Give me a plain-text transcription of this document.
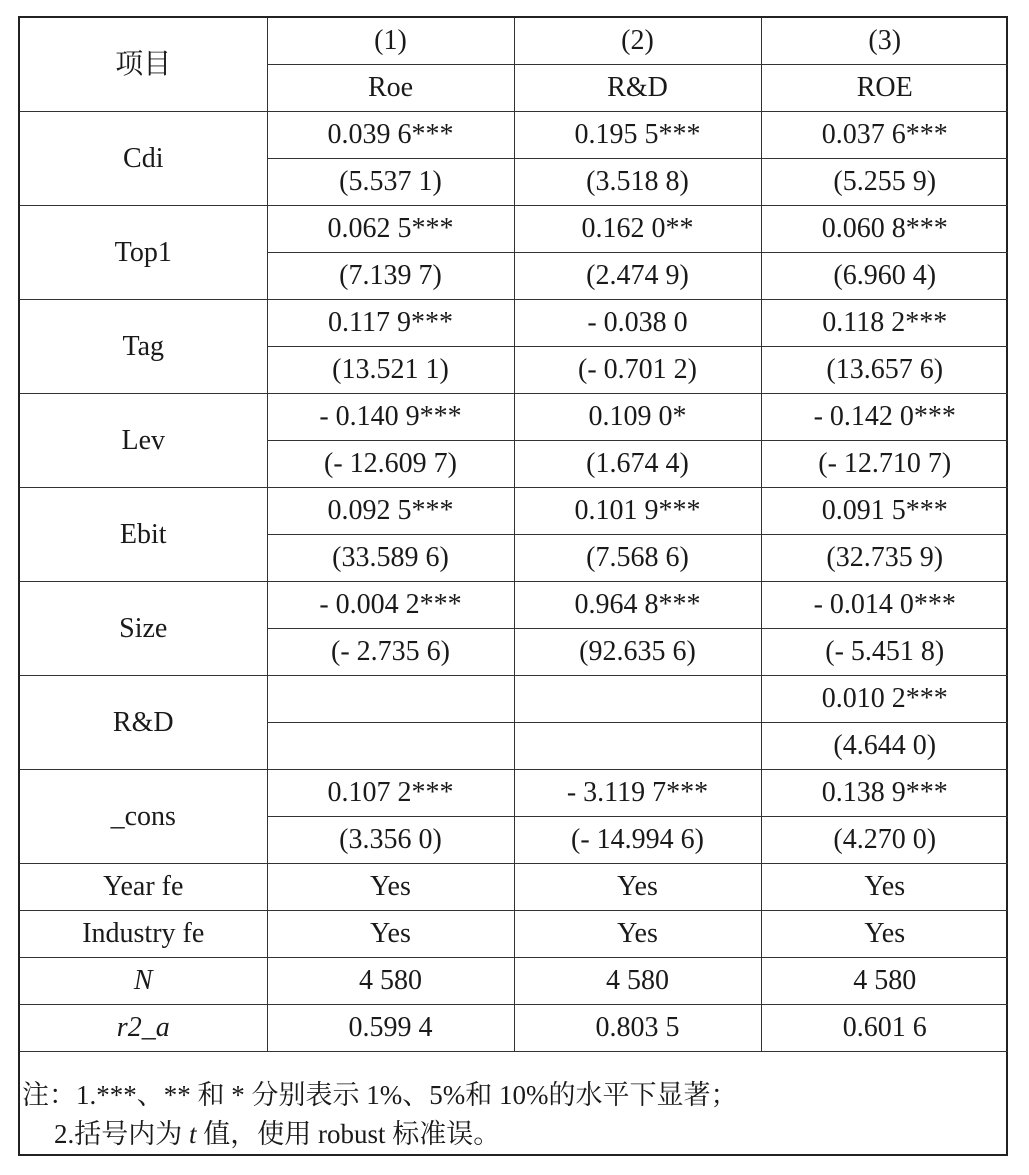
项目	(1)	(2)	(3)
	Roe	R&D	ROE
Cdi	0.039 6***	0.195 5***	0.037 6***
	(5.537 1)	(3.518 8)	(5.255 9)
Top1	0.062 5***	0.162 0**	0.060 8***
	(7.139 7)	(2.474 9)	(6.960 4)
Tag	0.117 9***	- 0.038 0	0.118 2***
	(13.521 1)	(- 0.701 2)	(13.657 6)
Lev	- 0.140 9***	0.109 0*	- 0.142 0***
	(- 12.609 7)	(1.674 4)	(- 12.710 7)
Ebit	0.092 5***	0.101 9***	0.091 5***
	(33.589 6)	(7.568 6)	(32.735 9)
Size	- 0.004 2***	0.964 8***	- 0.014 0***
	(- 2.735 6)	(92.635 6)	(- 5.451 8)
R&D			0.010 2***
			(4.644 0)
_cons	0.107 2***	- 3.119 7***	0.138 9***
	(3.356 0)	(- 14.994 6)	(4.270 0)
Year fe	Yes	Yes	Yes
Industry fe	Yes	Yes	Yes
N	4 580	4 580	4 580
r2_a	0.599 4	0.803 5	0.601 6
注：1.***、** 和 * 分别表示 1%、5%和 10%的水平下显著；
2.括号内为 t 值，使用 robust 标准误。
